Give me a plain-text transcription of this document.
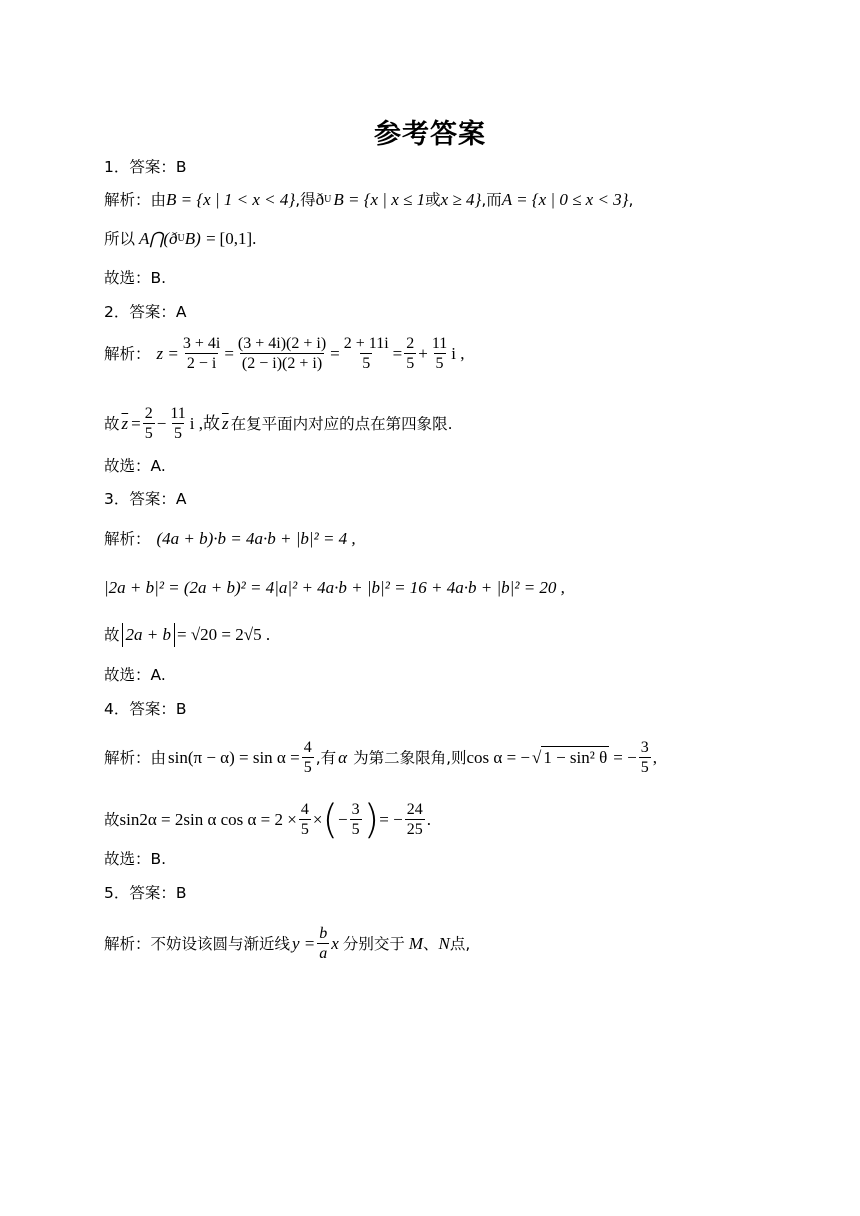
参考答案
1．答案：B
解析：由 B = {x | 1 < x < 4} ,得 ð U B = {x | x ≤ 1 或 x ≥ 4} ,而 A = {x | 0 ≤ x < 3} ,
所以 A⋂(ð U B) = [0,1] .
故选：B.
2．答案：A
解析： $z = \frac{3 + 4i}{2 - i} = \frac{(3 + 4i)(2 + i)}{(2 - i)(2 + i)} = \frac{2 + 11i}{5} = \frac{2}{5} + \frac{11}{5}$ i ,
故 $\overline{z} = \frac{2}{5} - \frac{11}{5}$ i ,故 $\overline{z}$ 在复平面内对应的点在第四象限.
故选：A.
3．答案：A
解析： (4a + b)·b = 4a·b + |b|² = 4 ,
|2a + b|² = (2a + b)² = 4|a|² + 4a·b + |b|² = 16 + 4a·b + |b|² = 20 ,
故 2a + b = √20 = 2√5 .
故选：A.
4．答案：B
解析：由 $\sin(\pi - \alpha) = \sin \alpha = \frac{4}{5}$ ,有 α 为第二象限角,则 cos α = − √ 1 − sin² θ = − $\frac{3}{5}$ ,
故 sin2α = 2sin α $\cos \alpha = 2 \times \frac{4}{5}$ × ( − $\frac{3}{5}$ ) = − $\frac{24}{25}$ .
故选：B.
5．答案：B
解析：不妨设该圆与渐近线 $y = \frac{b}{a}$ x 分别交于 M 、 N 点,
